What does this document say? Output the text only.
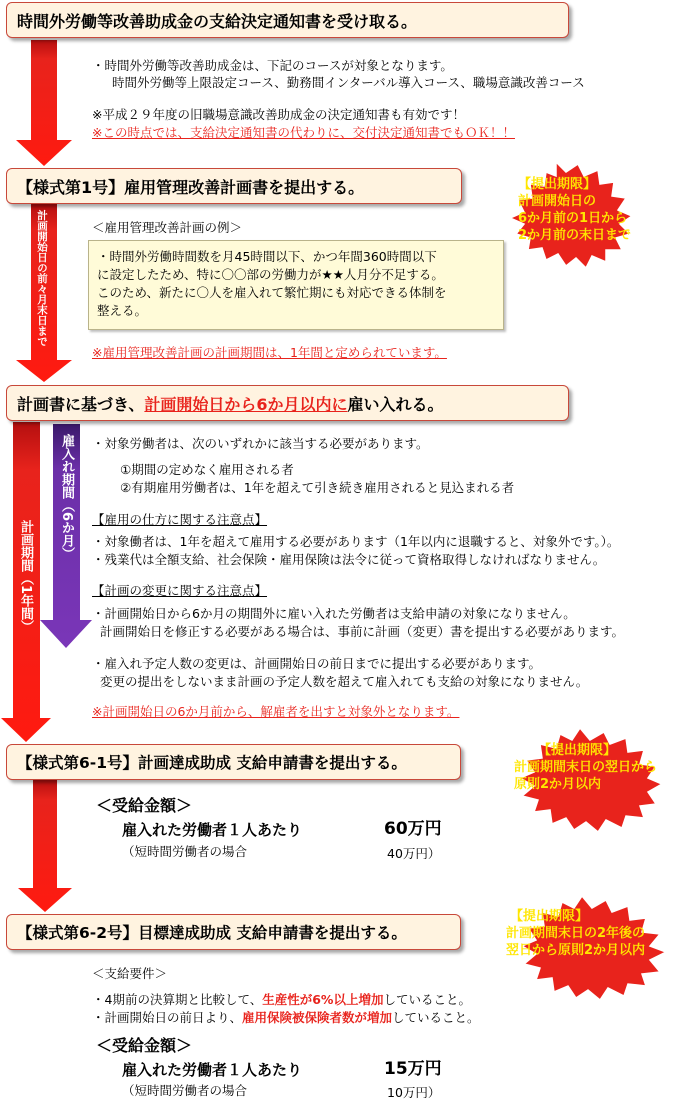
計画開始日の前々月末日まで
雇入れ期間（6か月）
計画期間（1年間）
時間外労働等改善助成金の支給決定通知書を受け取る。
・時間外労働等改善助成金は、下記のコースが対象となります。
時間外労働等上限設定コース、勤務間インターバル導入コース、職場意識改善コース
※平成２９年度の旧職場意識改善助成金の決定通知書も有効です！
※この時点では、支給決定通知書の代わりに、交付決定通知書でもＯＫ！！
【様式第1号】雇用管理改善計画書を提出する。	【提出期限】
計画開始日の
6か月前の1日から
2か月前の末日まで
＜雇用管理改善計画の例＞
・時間外労働時間数を月45時間以下、かつ年間360時間以下
に設定したため、特に〇〇部の労働力が★★人月分不足する。
このため、新たに〇人を雇入れて繁忙期にも対応できる体制を
整える。
※雇用管理改善計画の計画期間は、1年間と定められています。
計画書に基づき、 計画開始日から6か月以内に 雇い入れる。
・対象労働者は、次のいずれかに該当する必要があります。
①期間の定めなく雇用される者
②有期雇用労働者は、1年を超えて引き続き雇用されると見込まれる者
【雇用の仕方に関する注意点】
・対象働者は、1年を超えて雇用する必要があります（1年以内に退職すると、対象外です。）。
・残業代は全額支給、社会保険・雇用保険は法令に従って資格取得しなければなりません。
【計画の変更に関する注意点】
・計画開始日から6か月の期間外に雇い入れた労働者は支給申請の対象になりません。
計画開始日を修正する必要がある場合は、事前に計画（変更）書を提出する必要があります。
・雇入れ予定人数の変更は、計画開始日の前日までに提出する必要があります。
変更の提出をしないまま計画の予定人数を超えて雇入れても支給の対象になりません。
※計画開始日の6か月前から、解雇者を出すと対象外となります。
【様式第6-1号】計画達成助成 支給申請書を提出する。
【提出期限】
計画期間末日の翌日から
原則2か月以内
＜受給金額＞
雇入れた労働者１人あたり	60万円
（短時間労働者の場合	40万円）
【様式第6-2号】目標達成助成 支給申請書を提出する。
【提出期限】
計画期間末日の2年後の
翌日から原則2か月以内
＜支給要件＞
・4期前の決算期と比較して、生産性が6%以上増加していること。
・計画開始日の前日より、雇用保険被保険者数が増加していること。
＜受給金額＞
雇入れた労働者１人あたり	15万円
（短時間労働者の場合	10万円）
